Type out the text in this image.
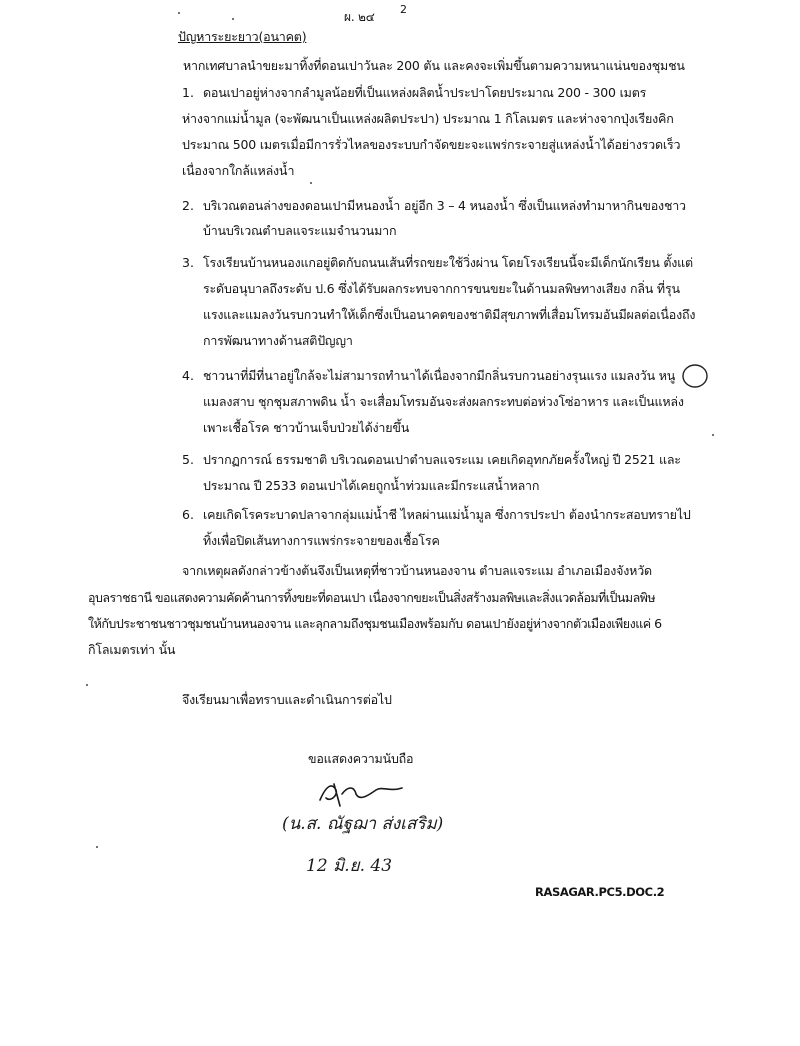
ผ. ๒๔
2
ปัญหาระยะยาว(อนาคต)
หากเทศบาลนำขยะมาทิ้งที่ดอนเปาวันละ 200 ตัน และคงจะเพิ่มขึ้นตามความหนาแน่นของชุมชน
1. ดอนเปาอยู่ห่างจากลำมูลน้อยที่เป็นแหล่งผลิตน้ำประปาโดยประมาณ 200 - 300 เมตร
ห่างจากแม่น้ำมูล (จะพัฒนาเป็นแหล่งผลิตประปา) ประมาณ 1 กิโลเมตร และห่างจากปุ่งเรียงคิก
ประมาณ 500 เมตรเมื่อมีการรั่วไหลของระบบกำจัดขยะจะแพร่กระจายสู่แหล่งน้ำได้อย่างรวดเร็ว
เนื่องจากใกล้แหล่งน้ำ
2. บริเวณตอนล่างของดอนเปามีหนองน้ำ อยู่อีก 3 – 4 หนองน้ำ ซึ่งเป็นแหล่งทำมาหากินของชาว
บ้านบริเวณตำบลแจระแมจำนวนมาก
3. โรงเรียนบ้านหนองแกอยู่ติดกับถนนเส้นที่รถขยะใช้วิ่งผ่าน โดยโรงเรียนนี้จะมีเด็กนักเรียน ตั้งแต่
ระดับอนุบาลถึงระดับ ป.6 ซึ่งได้รับผลกระทบจากการขนขยะในด้านมลพิษทางเสียง กลิ่น ที่รุน
แรงและแมลงวันรบกวนทำให้เด็กซึ่งเป็นอนาคตของชาติมีสุขภาพที่เสื่อมโทรมอันมีผลต่อเนื่องถึง
การพัฒนาทางด้านสติปัญญา
4. ชาวนาที่มีที่นาอยู่ใกล้จะไม่สามารถทำนาได้เนื่องจากมีกลิ่นรบกวนอย่างรุนแรง แมลงวัน หนู
แมลงสาบ ชุกชุมสภาพดิน น้ำ จะเสื่อมโทรมอันจะส่งผลกระทบต่อห่วงโซ่อาหาร และเป็นแหล่ง
เพาะเชื้อโรค ชาวบ้านเจ็บป่วยได้ง่ายขึ้น
5. ปรากฏการณ์ ธรรมชาติ บริเวณดอนเปาตำบลแจระแม เคยเกิดอุทกภัยครั้งใหญ่ ปี 2521 และ
ประมาณ ปี 2533 ดอนเปาได้เคยถูกน้ำท่วมและมีกระแสน้ำหลาก
6. เคยเกิดโรคระบาดปลาจากลุ่มแม่น้ำชี ไหลผ่านแม่น้ำมูล ซึ่งการประปา ต้องนำกระสอบทรายไป
ทิ้งเพื่อปิดเส้นทางการแพร่กระจายของเชื้อโรค
จากเหตุผลดังกล่าวข้างต้นจึงเป็นเหตุที่ชาวบ้านหนองจาน ตำบลแจระแม อำเภอเมืองจังหวัด
อุบลราชธานี ขอแสดงความคัดค้านการทิ้งขยะที่ดอนเปา เนื่องจากขยะเป็นสิ่งสร้างมลพิษและสิ่งแวดล้อมที่เป็นมลพิษ
ให้กับประชาชนชาวชุมชนบ้านหนองจาน และลุกลามถึงชุมชนเมืองพร้อมกับ ดอนเปายังอยู่ห่างจากตัวเมืองเพียงแค่ 6
กิโลเมตรเท่า นั้น
จึงเรียนมาเพื่อทราบและดำเนินการต่อไป
ขอแสดงความนับถือ
(น.ส. ณัฐฌา ส่งเสริม)
12 มิ.ย. 43
RASAGAR.PC5.DOC.2
